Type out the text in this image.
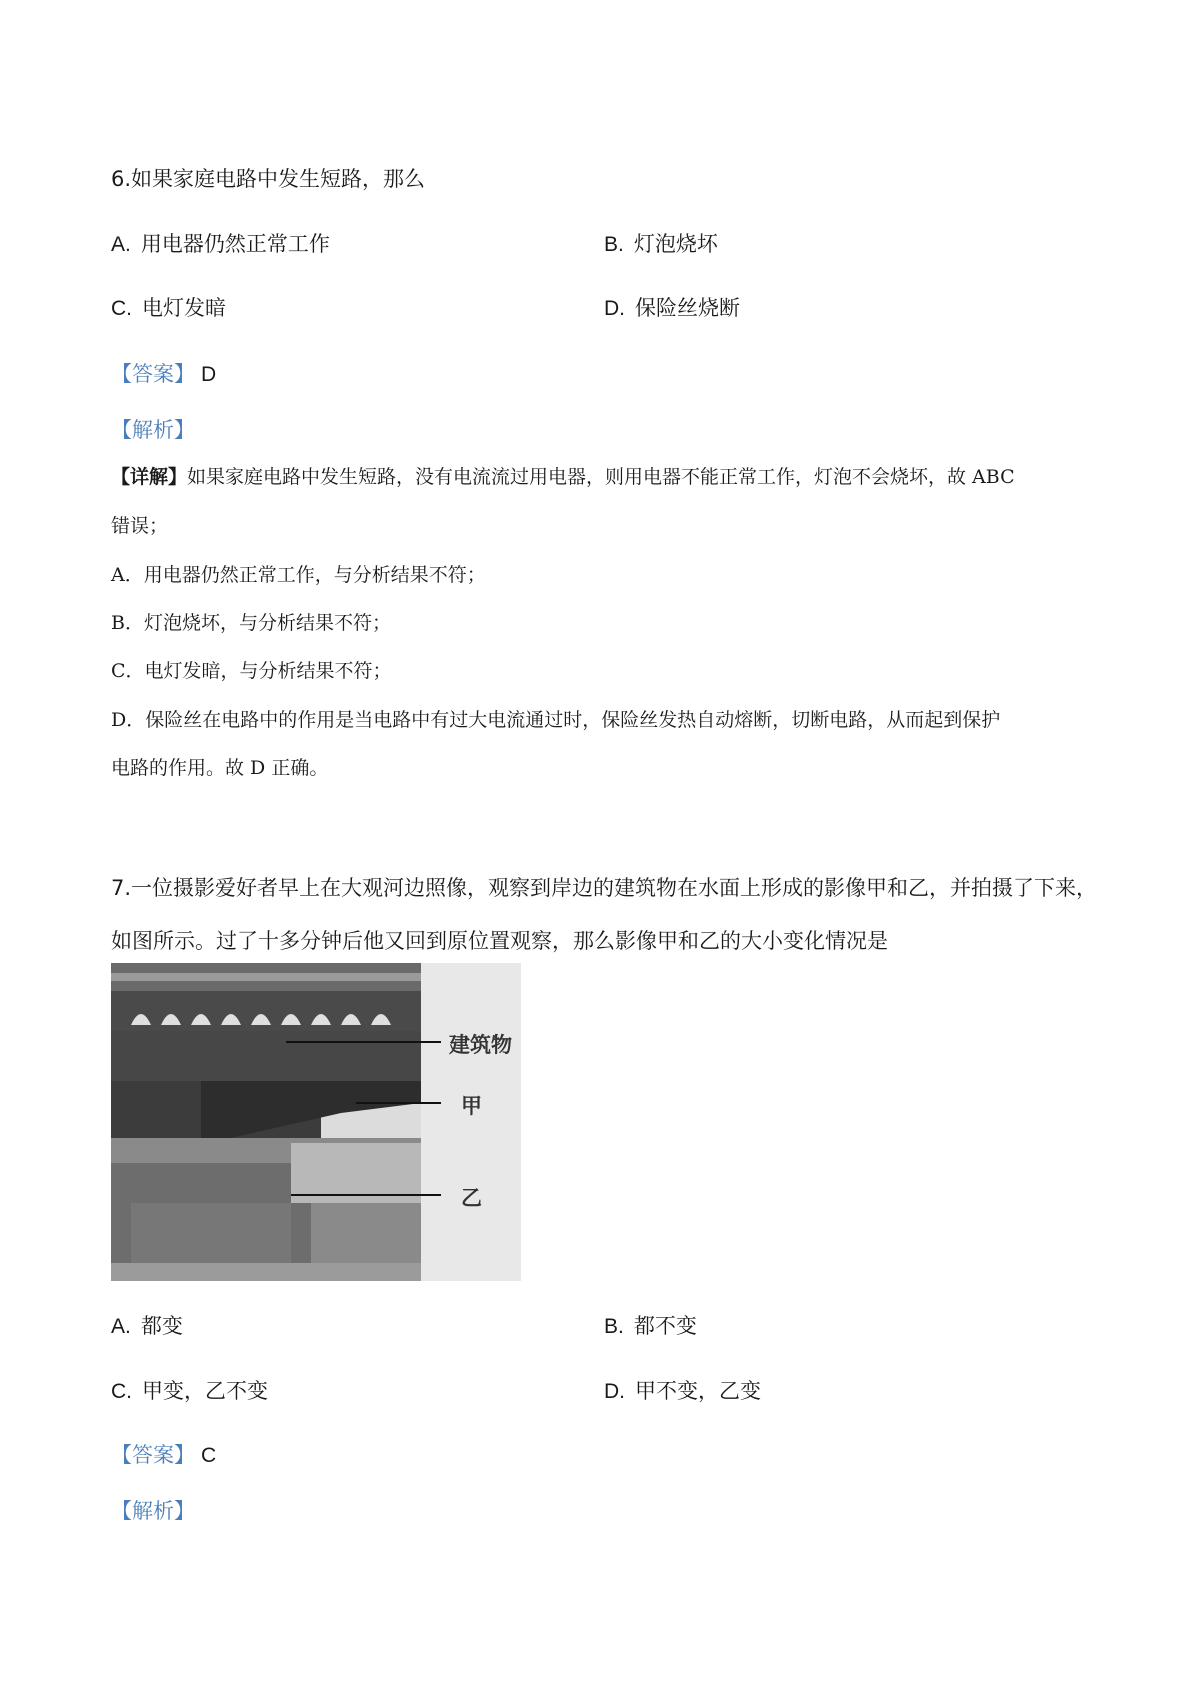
6.如果家庭电路中发生短路，那么
A. 用电器仍然正常工作	B. 灯泡烧坏
C. 电灯发暗	D. 保险丝烧断
【答案】 D
【解析】
【详解】如果家庭电路中发生短路，没有电流流过用电器，则用电器不能正常工作，灯泡不会烧坏，故 ABC
错误；
A．用电器仍然正常工作，与分析结果不符；
B．灯泡烧坏，与分析结果不符；
C．电灯发暗，与分析结果不符；
D．保险丝在电路中的作用是当电路中有过大电流通过时，保险丝发热自动熔断，切断电路，从而起到保护
电路的作用。故 D 正确。
7.一位摄影爱好者早上在大观河边照像，观察到岸边的建筑物在水面上形成的影像甲和乙，并拍摄了下来，
如图所示。过了十多分钟后他又回到原位置观察，那么影像甲和乙的大小变化情况是
建筑物
甲
乙
A. 都变	B. 都不变
C. 甲变，乙不变	D. 甲不变，乙变
【答案】 C
【解析】
